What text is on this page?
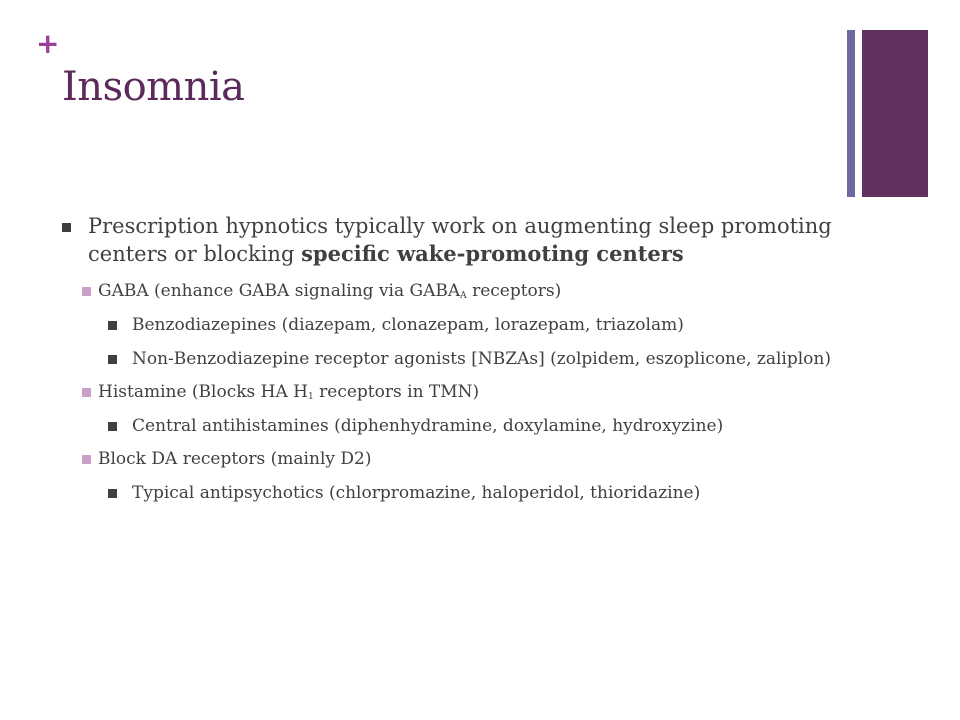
+
Insomnia
Prescription hypnotics typically work on augmenting sleep promoting centers or blocking specific wake-promoting centers
GABA (enhance GABA signaling via $GABA_A$ receptors)
Benzodiazepines (diazepam, clonazepam, lorazepam, triazolam)
Non-Benzodiazepine receptor agonists [NBZAs] (zolpidem, eszoplicone, zaliplon)
Histamine (Blocks HA $H_1$ receptors in TMN)
Central antihistamines (diphenhydramine, doxylamine, hydroxyzine)
Block DA receptors (mainly D2)
Typical antipsychotics (chlorpromazine, haloperidol, thioridazine)
